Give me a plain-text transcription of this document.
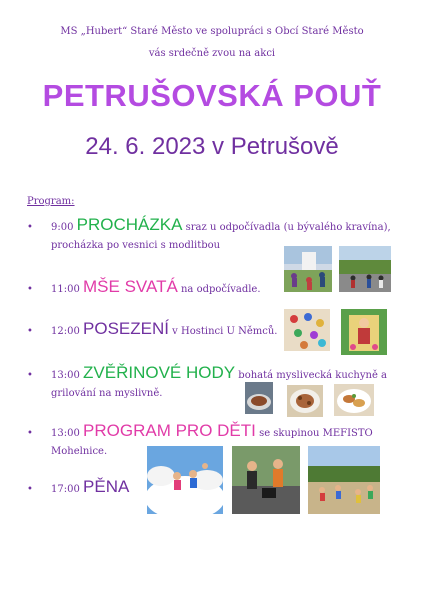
MS „Hubert“ Staré Město ve spolupráci s Obcí Staré Město
vás srdečně zvou na akci
PETRUŠOVSKÁ POUŤ
24. 6. 2023 v Petrušově
Program:
• 9:00 PROCHÁZKA sraz u odpočívadla (u bývalého kravína),
procházka po vesnici s modlitbou
• 11:00 MŠE SVATÁ na odpočívadle.
• 12:00 POSEZENÍ v Hostinci U Němců.
• 13:00 ZVĚŘINOVÉ HODY bohatá myslivecká kuchyně a
grilování na myslivně.
• 13:00 PROGRAM PRO DĚTI se skupinou MEFISTO
Mohelnice.
• 17:00 PĚNA
